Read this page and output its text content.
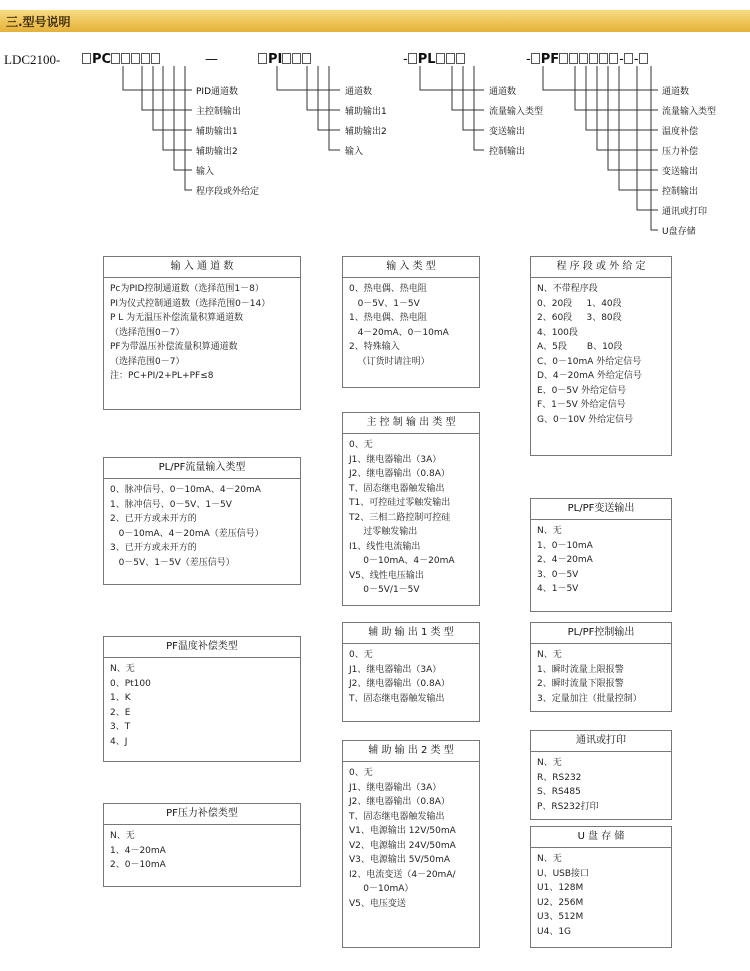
三.型号说明
LDC2100-	PC	—	PI	- PL	- PF	- -
PID通道数
主控制输出
辅助输出1
辅助输出2
输入
程序段或外给定
通道数
辅助输出1
辅助输出2
输入
通道数
流量输入类型
变送输出
控制输出
通道数
流量输入类型
温度补偿
压力补偿
变送输出
控制输出
通讯或打印
U盘存储
输 入 通 道 数
Pc为PID控制通道数（选择范围1－8）
PI为仪式控制通道数（选择范围0－14）
P L 为无温压补偿流量积算通道数
（选择范围0－7）
PF为带温压补偿流量积算通道数
（选择范围0－7）
注：PC+PI/2+PL+PF≤8
输 入 类 型
0、热电偶、热电阻
0－5V、1－5V
1、热电偶、热电阻
4－20mA、0－10mA
2、特殊输入
（订货时请注明）
程 序 段 或 外 给 定
N、不带程序段
0、20段     1、40段
2、60段     3、80段
4、100段
A、5段       B、10段
C、0－10mA 外给定信号
D、4－20mA 外给定信号
E、0－5V 外给定信号
F、1－5V 外给定信号
G、0－10V 外给定信号
PL/PF流量输入类型
0、脉冲信号、0－10mA、4－20mA
1、脉冲信号、0－5V、1－5V
2、已开方或未开方的
0－10mA、4－20mA（差压信号）
3、已开方或未开方的
0－5V、1－5V（差压信号）
主 控 制 输 出 类 型
0、无
J1、继电器输出（3A）
J2、继电器输出（0.8A）
T、固态继电器触发输出
T1、可控硅过零触发输出
T2、三相二路控制可控硅
过零触发输出
I1、线性电流输出
0－10mA、4－20mA
V5、线性电压输出
0－5V/1－5V
PL/PF变送输出
N、无
1、0－10mA
2、4－20mA
3、0－5V
4、1－5V
PF温度补偿类型
N、无
0、Pt100
1、K
2、E
3、T
4、J
辅 助 输 出 1 类 型
0、无
J1、继电器输出（3A）
J2、继电器输出（0.8A）
T、固态继电器触发输出
PL/PF控制输出
N、无
1、瞬时流量上限报警
2、瞬时流量下限报警
3、定量加注（批量控制）
通讯或打印
N、无
R、RS232
S、RS485
P、RS232打印
PF压力补偿类型
N、无
1、4－20mA
2、0－10mA
辅 助 输 出 2 类 型
0、无
J1、继电器输出（3A）
J2、继电器输出（0.8A）
T、固态继电器触发输出
V1、电源输出 12V/50mA
V2、电源输出 24V/50mA
V3、电源输出 5V/50mA
I2、电流变送（4－20mA/
0－10mA）
V5、电压变送
U 盘 存 储
N、无
U、USB接口
U1、128M
U2、256M
U3、512M
U4、1G
